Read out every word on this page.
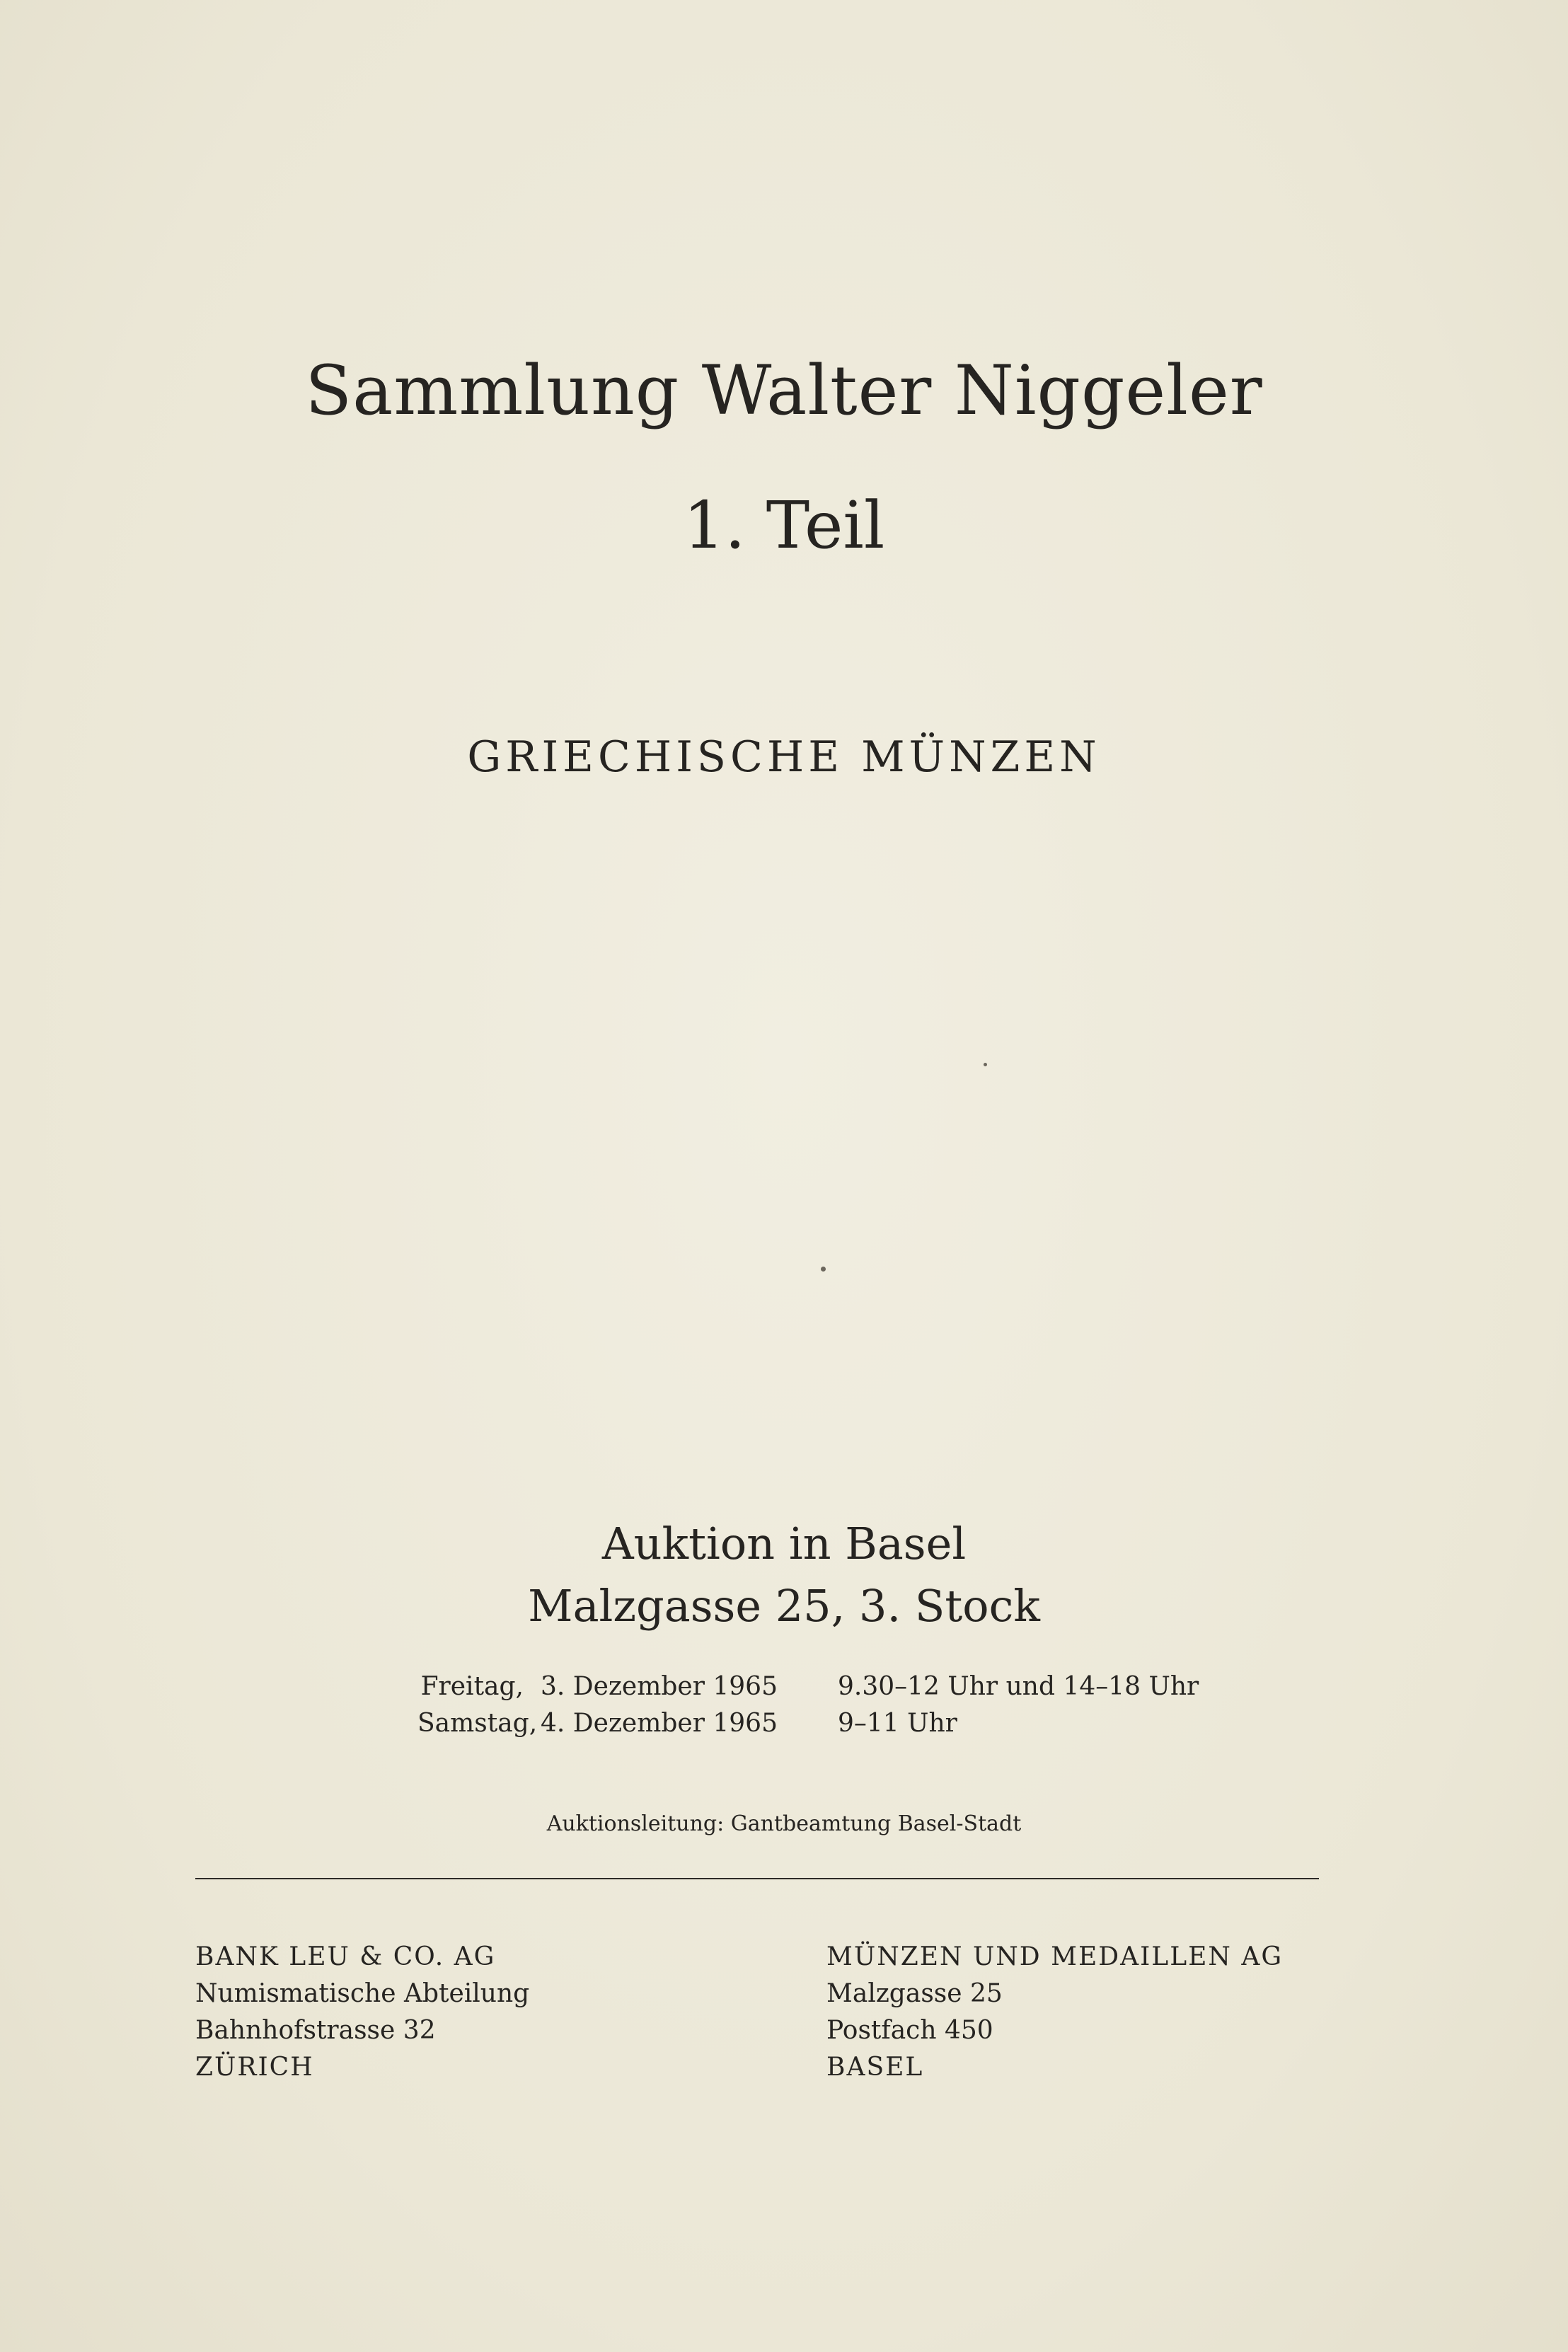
Sammlung Walter Niggeler
1. Teil
GRIECHISCHE MÜNZEN
Auktion in Basel
Malzgasse 25, 3. Stock
Freitag, 3. Dezember 1965	9.30–12 Uhr und 14–18 Uhr
Samstag, 4. Dezember 1965	9–11 Uhr
Auktionsleitung: Gantbeamtung Basel-Stadt
BANK LEU & CO. AG
Numismatische Abteilung
Bahnhofstrasse 32
ZÜRICH
MÜNZEN UND MEDAILLEN AG
Malzgasse 25
Postfach 450
BASEL
